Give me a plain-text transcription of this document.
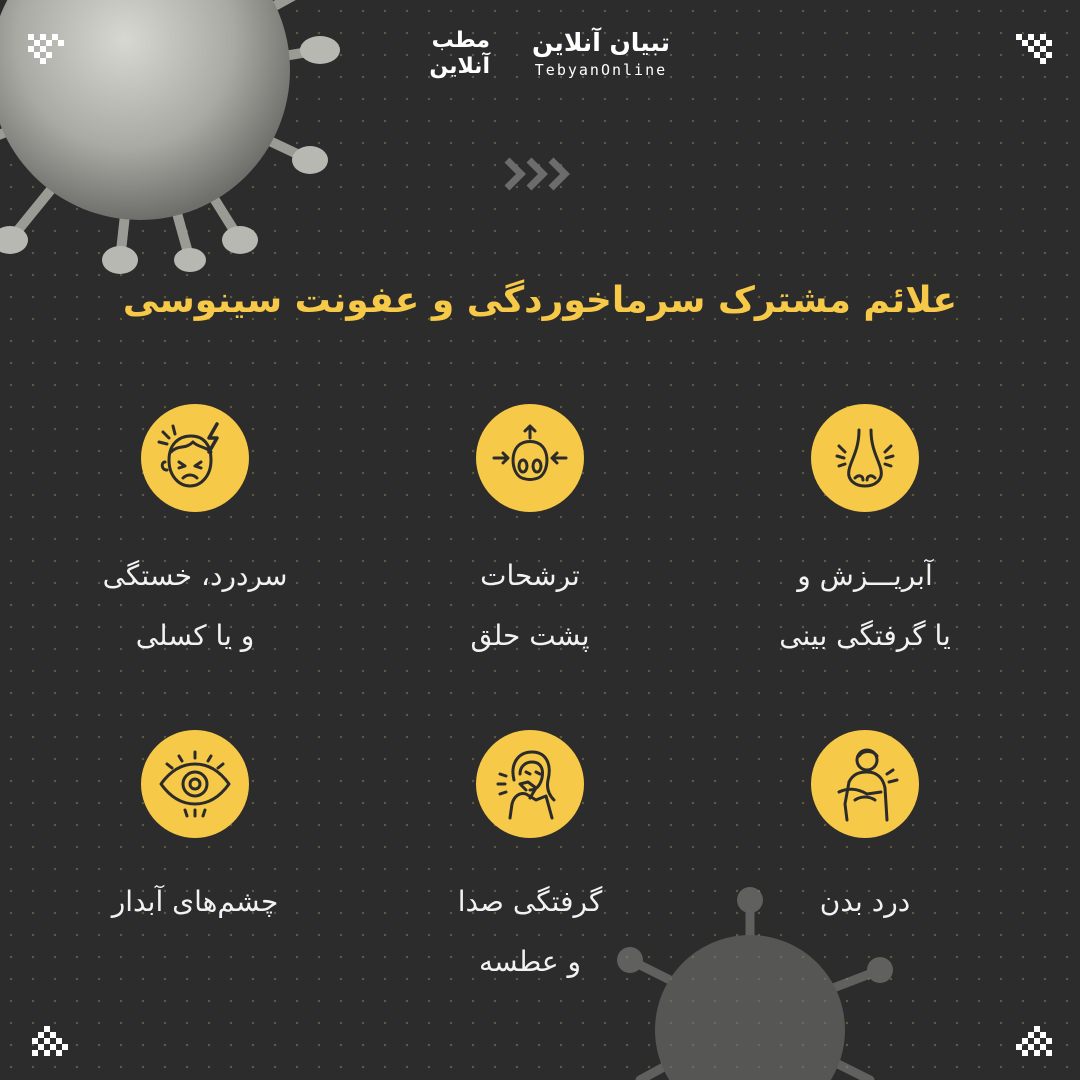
مطب
آنلاین
تبیان آنلاین
TebyanOnline
علائم مشترک سرماخوردگی و عفونت سینوسی
آبریـــزش و
یا گرفتگی بینی
ترشحات
پشت حلق
سردرد، خستگی
و یا کسلی
درد بدن
گرفتگی صدا
و عطسه
چشم‌های آبدار
